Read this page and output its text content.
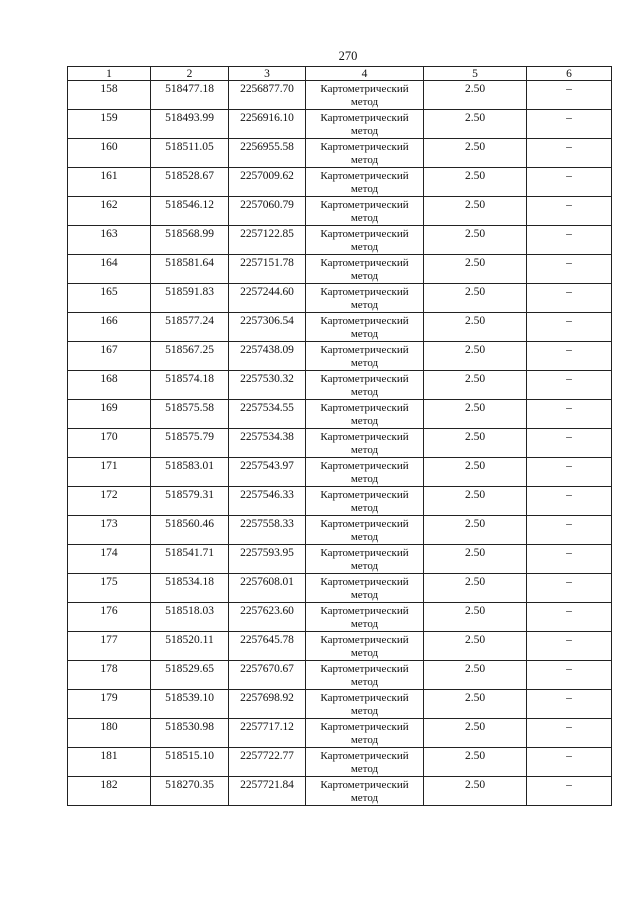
270
1	2	3	4	5	6
158	518477.18	2256877.70	Картометрический метод	2.50	–
159	518493.99	2256916.10	Картометрический метод	2.50	–
160	518511.05	2256955.58	Картометрический метод	2.50	–
161	518528.67	2257009.62	Картометрический метод	2.50	–
162	518546.12	2257060.79	Картометрический метод	2.50	–
163	518568.99	2257122.85	Картометрический метод	2.50	–
164	518581.64	2257151.78	Картометрический метод	2.50	–
165	518591.83	2257244.60	Картометрический метод	2.50	–
166	518577.24	2257306.54	Картометрический метод	2.50	–
167	518567.25	2257438.09	Картометрический метод	2.50	–
168	518574.18	2257530.32	Картометрический метод	2.50	–
169	518575.58	2257534.55	Картометрический метод	2.50	–
170	518575.79	2257534.38	Картометрический метод	2.50	–
171	518583.01	2257543.97	Картометрический метод	2.50	–
172	518579.31	2257546.33	Картометрический метод	2.50	–
173	518560.46	2257558.33	Картометрический метод	2.50	–
174	518541.71	2257593.95	Картометрический метод	2.50	–
175	518534.18	2257608.01	Картометрический метод	2.50	–
176	518518.03	2257623.60	Картометрический метод	2.50	–
177	518520.11	2257645.78	Картометрический метод	2.50	–
178	518529.65	2257670.67	Картометрический метод	2.50	–
179	518539.10	2257698.92	Картометрический метод	2.50	–
180	518530.98	2257717.12	Картометрический метод	2.50	–
181	518515.10	2257722.77	Картометрический метод	2.50	–
182	518270.35	2257721.84	Картометрический метод	2.50	–
